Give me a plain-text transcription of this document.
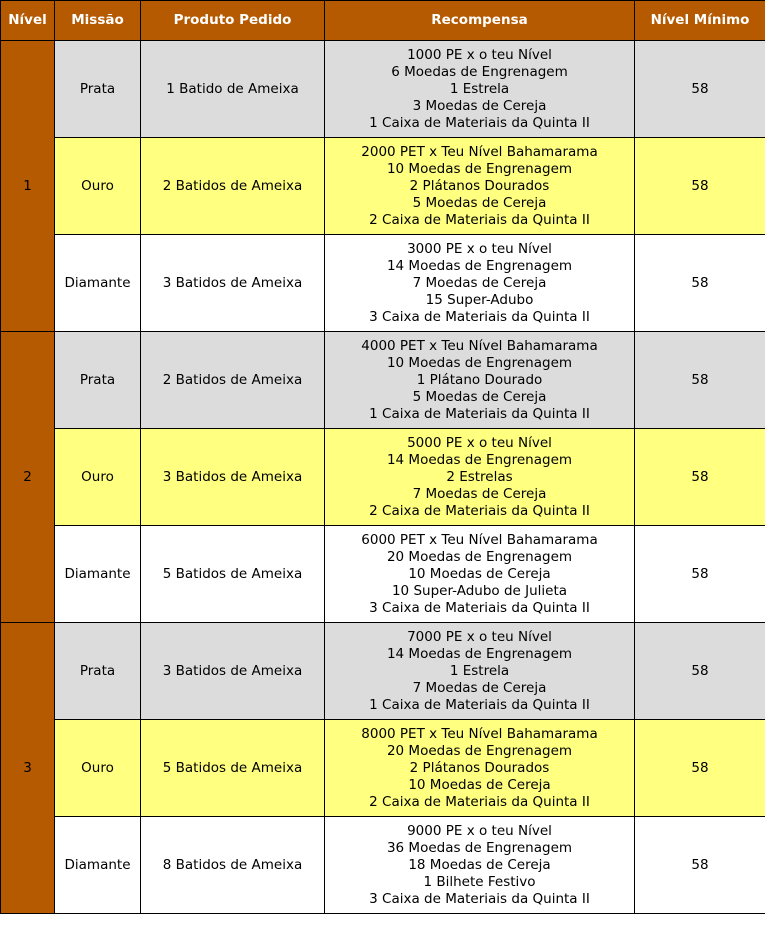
Nível	Missão	Produto Pedido	Recompensa	Nível Mínimo
1	Prata	1 Batido de Ameixa	1000 PE x o teu Nível
6 Moedas de Engrenagem
1 Estrela
3 Moedas de Cereja
1 Caixa de Materiais da Quinta II	58
	Ouro	2 Batidos de Ameixa	2000 PET x Teu Nível Bahamarama
10 Moedas de Engrenagem
2 Plátanos Dourados
5 Moedas de Cereja
2 Caixa de Materiais da Quinta II	58
	Diamante	3 Batidos de Ameixa	3000 PE x o teu Nível
14 Moedas de Engrenagem
7 Moedas de Cereja
15 Super-Adubo
3 Caixa de Materiais da Quinta II	58
2	Prata	2 Batidos de Ameixa	4000 PET x Teu Nível Bahamarama
10 Moedas de Engrenagem
1 Plátano Dourado
5 Moedas de Cereja
1 Caixa de Materiais da Quinta II	58
	Ouro	3 Batidos de Ameixa	5000 PE x o teu Nível
14 Moedas de Engrenagem
2 Estrelas
7 Moedas de Cereja
2 Caixa de Materiais da Quinta II	58
	Diamante	5 Batidos de Ameixa	6000 PET x Teu Nível Bahamarama
20 Moedas de Engrenagem
10 Moedas de Cereja
10 Super-Adubo de Julieta
3 Caixa de Materiais da Quinta II	58
3	Prata	3 Batidos de Ameixa	7000 PE x o teu Nível
14 Moedas de Engrenagem
1 Estrela
7 Moedas de Cereja
1 Caixa de Materiais da Quinta II	58
	Ouro	5 Batidos de Ameixa	8000 PET x Teu Nível Bahamarama
20 Moedas de Engrenagem
2 Plátanos Dourados
10 Moedas de Cereja
2 Caixa de Materiais da Quinta II	58
	Diamante	8 Batidos de Ameixa	9000 PE x o teu Nível
36 Moedas de Engrenagem
18 Moedas de Cereja
1 Bilhete Festivo
3 Caixa de Materiais da Quinta II	58
